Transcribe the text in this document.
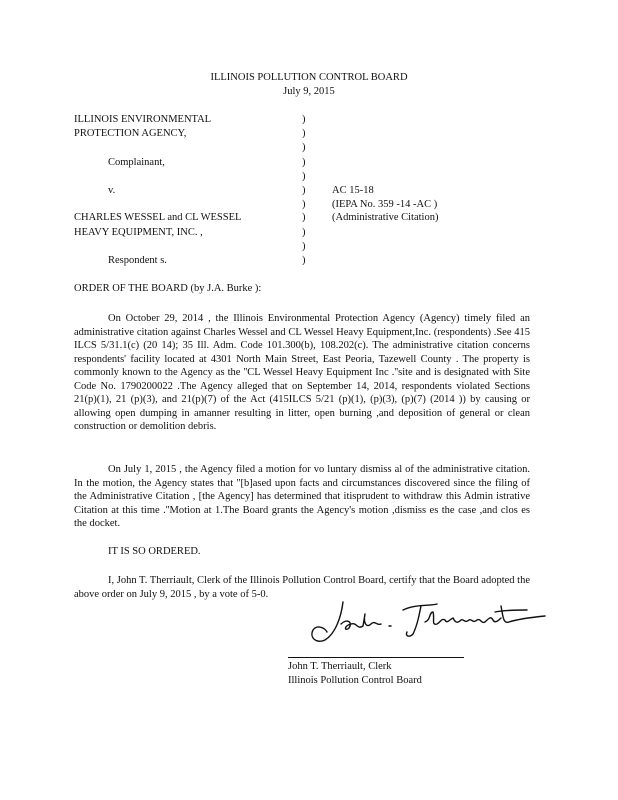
ILLINOIS POLLUTION CONTROL BOARD
July 9, 2015
ILLINOIS ENVIRONMENTAL
PROTECTION AGENCY,
Complainant,
v.
CHARLES WESSEL and CL WESSEL
HEAVY EQUIPMENT, INC. ,
Respondent s.
AC 15-18
(IEPA No. 359 -14 -AC )
(Administrative Citation)
)
)
)
)
)
)
)
)
)
)
)
ORDER OF THE BOARD (by J.A. Burke ):
On October 29, 2014 , the Illinois Environmental Protection Agency (Agency) timely filed an administrative citation against Charles Wessel and CL Wessel Heavy Equipment,Inc. (respondents) .See 415 ILCS 5/31.1(c) (20 14); 35 Ill. Adm. Code 101.300(b), 108.202(c). The administrative citation concerns respondents' facility located at 4301 North Main Street, East Peoria, Tazewell County . The property is commonly known to the Agency as the ''CL Wessel Heavy Equipment Inc .''site and is designated with Site Code No. 1790200022 .The Agency alleged that on September 14, 2014, respondents violated Sections 21(p)(1), 21 (p)(3), and 21(p)(7) of the Act (415ILCS 5/21 (p)(1), (p)(3), (p)(7) (2014 )) by causing or allowing open dumping in amanner resulting in litter, open burning ,and deposition of general or clean construction or demolition debris.
On July 1, 2015 , the Agency filed a motion for vo luntary dismiss al of the administrative citation. In the motion, the Agency states that ''[b]ased upon facts and circumstances discovered since the filing of the Administrative Citation , [the Agency] has determined that itisprudent to withdraw this Admin istrative Citation at this time .''Motion at 1.The Board grants the Agency's motion ,dismiss es the case ,and clos es the docket.
IT IS SO ORDERED.
I, John T. Therriault, Clerk of the Illinois Pollution Control Board, certify that the Board adopted the above order on July 9, 2015 , by a vote of 5-0.
John T. Therriault, Clerk
Illinois Pollution Control Board
